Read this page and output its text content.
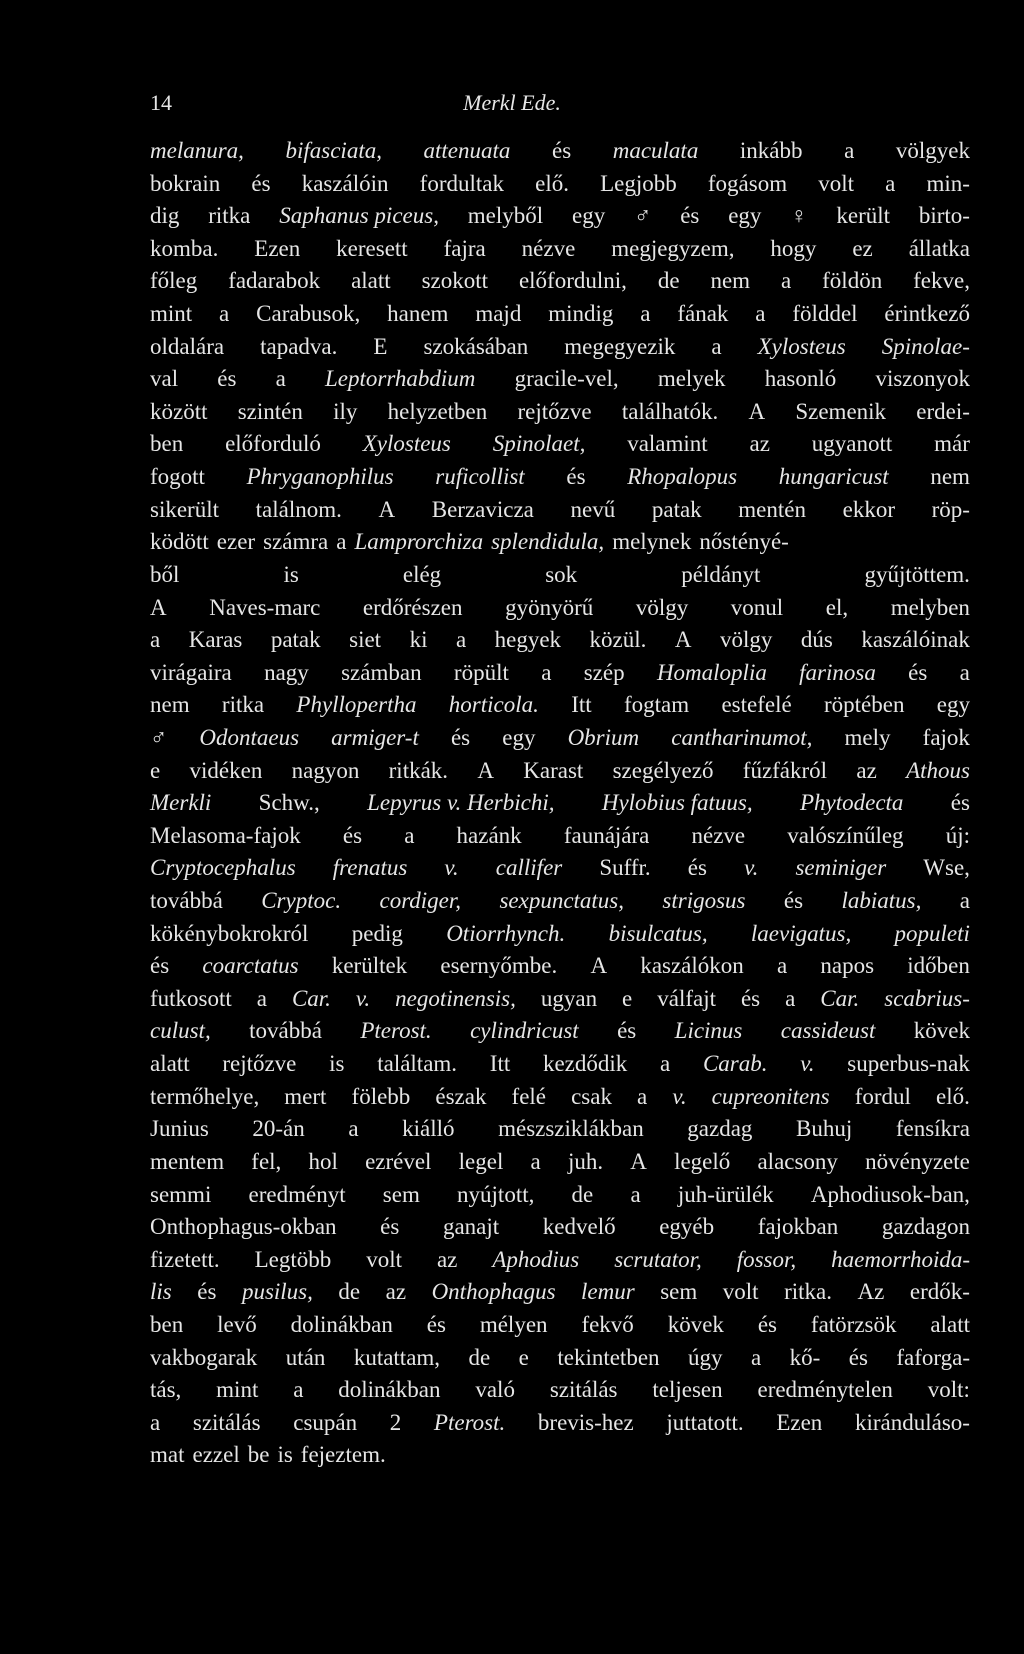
14	Merkl Ede.
melanura, bifasciata, attenuata és maculata inkább a völgyek
bokrain és kaszálóin fordultak elő. Legjobb fogásom volt a min-
dig ritka Saphanus piceus, melyből egy ♂ és egy ♀ került birto-
komba. Ezen keresett fajra nézve megjegyzem, hogy ez állatka
főleg fadarabok alatt szokott előfordulni, de nem a földön fekve,
mint a Carabusok, hanem majd mindig a fának a földdel érintkező
oldalára tapadva. E szokásában megegyezik a Xylosteus Spinolae-
val és a Leptorrhabdium gracile-vel, melyek hasonló viszonyok
között szintén ily helyzetben rejtőzve találhatók. A Szemenik erdei-
ben előforduló Xylosteus Spinolaet, valamint az ugyanott már
fogott Phryganophilus ruficollist és Rhopalopus hungaricust nem
sikerült találnom. A Berzavicza nevű patak mentén ekkor röp-
ködött ezer számra a Lamprorchiza splendidula, melynek nőstényé-
ből	is	elég	sok	példányt	gyűjtöttem.
A Naves-marc erdőrészen gyönyörű völgy vonul el, melyben
a Karas patak siet ki a hegyek közül. A völgy dús kaszálóinak
virágaira nagy számban röpült a szép Homaloplia farinosa és a
nem ritka Phyllopertha horticola. Itt fogtam estefelé röptében egy
♂ Odontaeus armiger-t és egy Obrium cantharinumot, mely fajok
e vidéken nagyon ritkák. A Karast szegélyező fűzfákról az Athous
Merkli Schw., Lepyrus v. Herbichi, Hylobius fatuus, Phytodecta és
Melasoma-fajok és a hazánk faunájára nézve valószínűleg új:
Cryptocephalus frenatus v. callifer Suffr. és v. seminiger Wse,
továbbá Cryptoc. cordiger, sexpunctatus, strigosus és labiatus, a
kökénybokrokról pedig Otiorrhynch. bisulcatus, laevigatus, populeti
és coarctatus kerültek esernyőmbe. A kaszálókon a napos időben
futkosott a Car. v. negotinensis, ugyan e válfajt és a Car. scabrius-
culust, továbbá Pterost. cylindricust és Licinus cassideust kövek
alatt rejtőzve is találtam. Itt kezdődik a Carab. v. superbus-nak
termőhelye, mert fölebb észak felé csak a v. cupreonitens fordul elő.
Junius 20-án a kiálló mészsziklákban gazdag Buhuj fensíkra
mentem fel, hol ezrével legel a juh. A legelő alacsony növényzete
semmi eredményt sem nyújtott, de a juh-ürülék Aphodiusok-ban,
Onthophagus-okban és ganajt kedvelő egyéb fajokban gazdagon
fizetett. Legtöbb volt az Aphodius scrutator, fossor, haemorrhoida-
lis és pusilus, de az Onthophagus lemur sem volt ritka. Az erdők-
ben levő dolinákban és mélyen fekvő kövek és fatörzsök alatt
vakbogarak után kutattam, de e tekintetben úgy a kő- és faforga-
tás, mint a dolinákban való szitálás teljesen eredménytelen volt:
a szitálás csupán 2 Pterost. brevis-hez juttatott. Ezen kiránduláso-
mat ezzel be is fejeztem.
